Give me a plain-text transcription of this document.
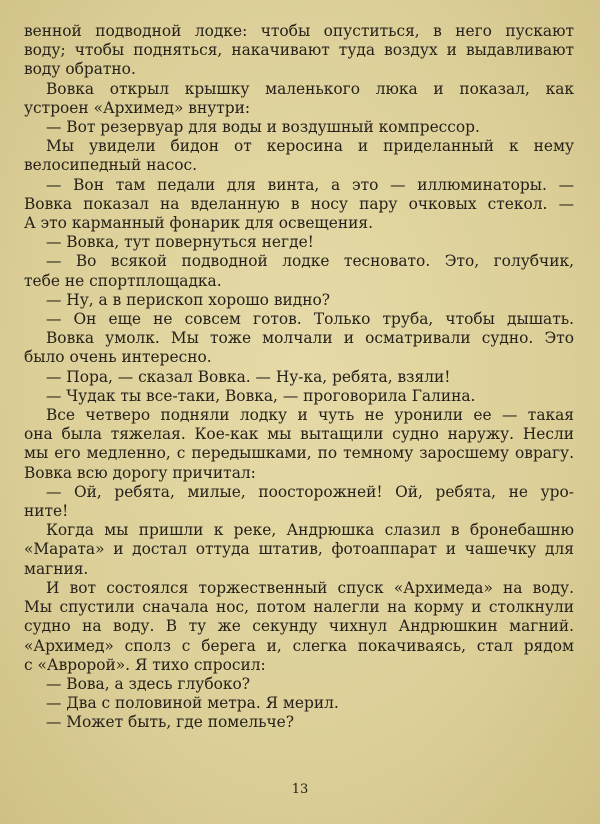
венной подводной лодке: чтобы опуститься, в него пускают
воду; чтобы подняться, накачивают туда воздух и выдавливают
воду обратно.
Вовка открыл крышку маленького люка и показал, как
устроен «Архимед» внутри:
— Вот резервуар для воды и воздушный компрессор.
Мы увидели бидон от керосина и приделанный к нему
велосипедный насос.
— Вон там педали для винта, а это — иллюминаторы. —
Вовка показал на вделанную в носу пару очковых стекол. —
А это карманный фонарик для освещения.
— Вовка, тут повернуться негде!
— Во всякой подводной лодке тесновато. Это, голубчик,
тебе не спортплощадка.
— Ну, а в перископ хорошо видно?
— Он еще не совсем готов. Только труба, чтобы дышать.
Вовка умолк. Мы тоже молчали и осматривали судно. Это
было очень интересно.
— Пора, — сказал Вовка. — Ну-ка, ребята, взяли!
— Чудак ты все-таки, Вовка, — проговорила Галина.
Все четверо подняли лодку и чуть не уронили ее — такая
она была тяжелая. Кое-как мы вытащили судно наружу. Несли
мы его медленно, с передышками, по темному заросшему оврагу.
Вовка всю дорогу причитал:
— Ой, ребята, милые, поосторожней! Ой, ребята, не уро-
ните!
Когда мы пришли к реке, Андрюшка слазил в бронебашню
«Марата» и достал оттуда штатив, фотоаппарат и чашечку для
магния.
И вот состоялся торжественный спуск «Архимеда» на воду.
Мы спустили сначала нос, потом налегли на корму и столкнули
судно на воду. В ту же секунду чихнул Андрюшкин магний.
«Архимед» сполз с берега и, слегка покачиваясь, стал рядом
с «Авророй». Я тихо спросил:
— Вова, а здесь глубоко?
— Два с половиной метра. Я мерил.
— Может быть, где помельче?
13
